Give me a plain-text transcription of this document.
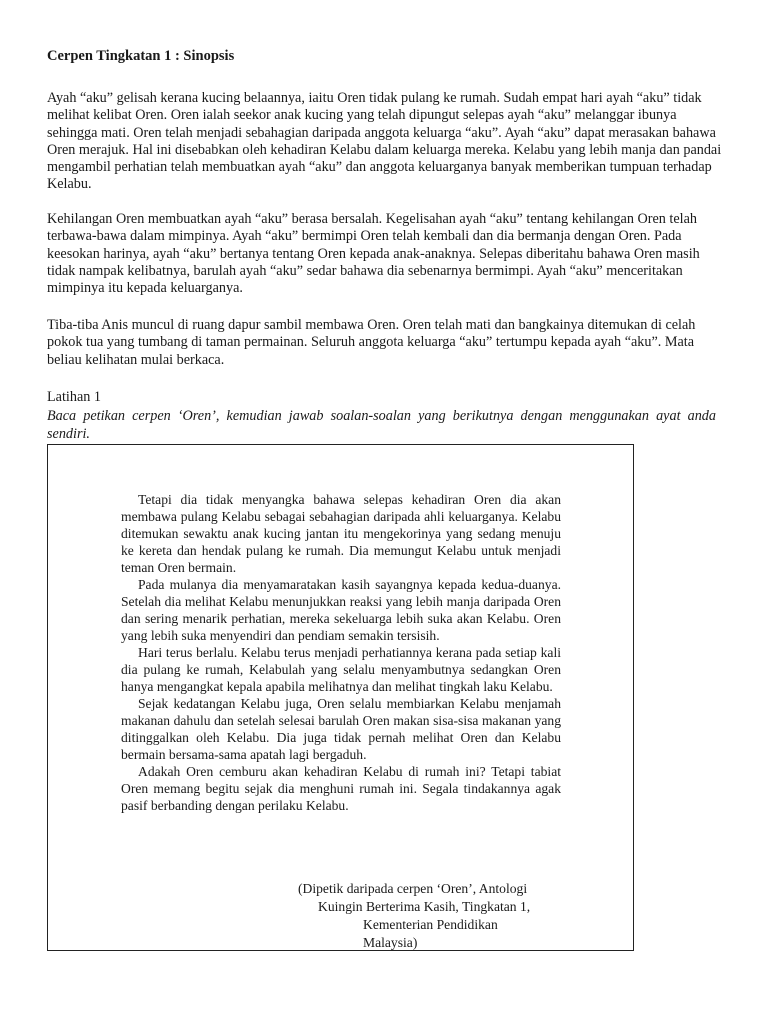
Cerpen Tingkatan 1 : Sinopsis

Ayah “aku” gelisah kerana kucing belaannya, iaitu Oren tidak pulang ke rumah. Sudah empat hari ayah “aku” tidak melihat kelibat Oren. Oren ialah seekor anak kucing yang telah dipungut selepas ayah “aku” melanggar ibunya sehingga mati. Oren telah menjadi sebahagian daripada anggota keluarga “aku”. Ayah “aku” dapat merasakan bahawa Oren merajuk. Hal ini disebabkan oleh kehadiran Kelabu dalam keluarga mereka. Kelabu yang lebih manja dan pandai mengambil perhatian telah membuatkan ayah “aku” dan anggota keluarganya banyak memberikan tumpuan terhadap Kelabu.

Kehilangan Oren membuatkan ayah “aku” berasa bersalah. Kegelisahan ayah “aku” tentang kehilangan Oren telah terbawa-bawa dalam mimpinya. Ayah “aku” bermimpi Oren telah kembali dan dia bermanja dengan Oren. Pada keesokan harinya, ayah “aku” bertanya tentang Oren kepada anak-anaknya. Selepas diberitahu bahawa Oren masih tidak nampak kelibatnya, barulah ayah “aku” sedar bahawa dia sebenarnya bermimpi. Ayah “aku” menceritakan mimpinya itu kepada keluarganya.

Tiba-tiba Anis muncul di ruang dapur sambil membawa Oren. Oren telah mati dan bangkainya ditemukan di celah pokok tua yang tumbang di taman permainan. Seluruh anggota keluarga “aku” tertumpu kepada ayah “aku”. Mata beliau kelihatan mulai berkaca.

Latihan 1

Baca petikan cerpen ‘Oren’, kemudian jawab soalan-soalan yang berikutnya dengan menggunakan ayat anda sendiri.

Tetapi dia tidak menyangka bahawa selepas kehadiran Oren dia akan membawa pulang Kelabu sebagai sebahagian daripada ahli keluarganya. Kelabu ditemukan sewaktu anak kucing jantan itu mengekorinya yang sedang menuju ke kereta dan hendak pulang ke rumah. Dia memungut Kelabu untuk menjadi teman Oren bermain.

Pada mulanya dia menyamaratakan kasih sayangnya kepada kedua-duanya. Setelah dia melihat Kelabu menunjukkan reaksi yang lebih manja daripada Oren dan sering menarik perhatian, mereka sekeluarga lebih suka akan Kelabu. Oren yang lebih suka menyendiri dan pendiam semakin tersisih.

Hari terus berlalu. Kelabu terus menjadi perhatiannya kerana pada setiap kali dia pulang ke rumah, Kelabulah yang selalu menyambutnya sedangkan Oren hanya mengangkat kepala apabila melihatnya dan melihat tingkah laku Kelabu.

Sejak kedatangan Kelabu juga, Oren selalu membiarkan Kelabu menjamah makanan dahulu dan setelah selesai barulah Oren makan sisa-sisa makanan yang ditinggalkan oleh Kelabu. Dia juga tidak pernah melihat Oren dan Kelabu bermain bersama-sama apatah lagi bergaduh.

Adakah Oren cemburu akan kehadiran Kelabu di rumah ini? Tetapi tabiat Oren memang begitu sejak dia menghuni rumah ini. Segala tindakannya agak pasif berbanding dengan perilaku Kelabu.

(Dipetik daripada cerpen ‘Oren’, Antologi
Kuingin Berterima Kasih, Tingkatan 1,
Kementerian Pendidikan
Malaysia)
